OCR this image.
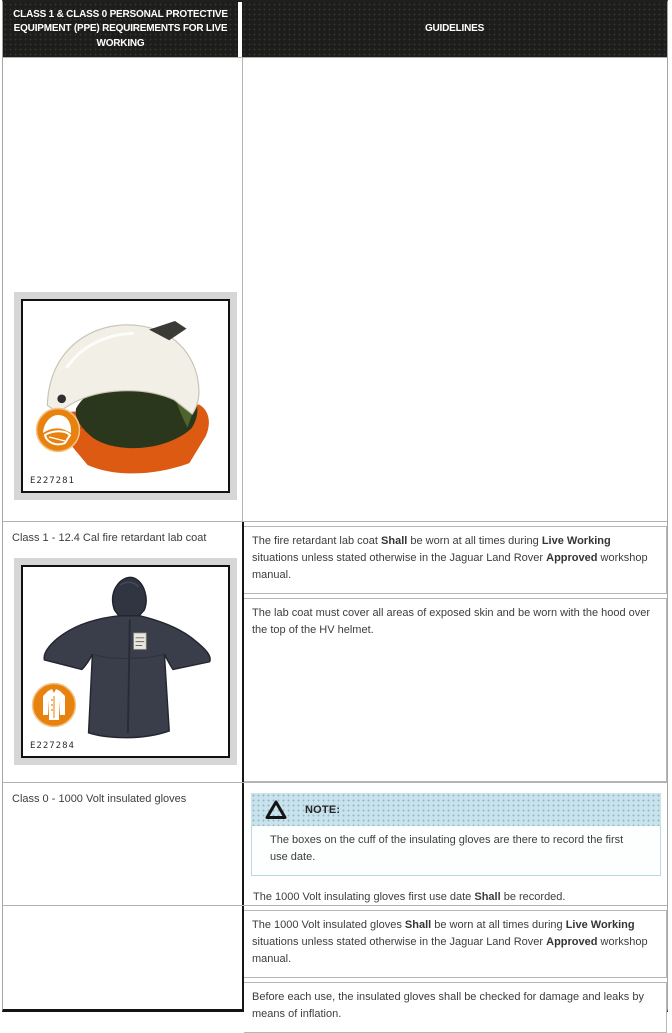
CLASS 1 & CLASS 0 PERSONAL PROTECTIVE EQUIPMENT (PPE) REQUIREMENTS FOR LIVE WORKING
GUIDELINES
E227281
Class 1 - 12.4 Cal fire retardant lab coat
E227284
The fire retardant lab coat Shall be worn at all times during Live Working situations unless stated otherwise in the Jaguar Land Rover Approved workshop manual.
The lab coat must cover all areas of exposed skin and be worn with the hood over the top of the HV helmet.
Class 0 - 1000 Volt insulated gloves
NOTE:
The boxes on the cuff of the insulating gloves are there to record the first use date.
The 1000 Volt insulating gloves first use date Shall be recorded.
The 1000 Volt insulated gloves Shall be worn at all times during Live Working situations unless stated otherwise in the Jaguar Land Rover Approved workshop manual.
Before each use, the insulated gloves shall be checked for damage and leaks by means of inflation.
